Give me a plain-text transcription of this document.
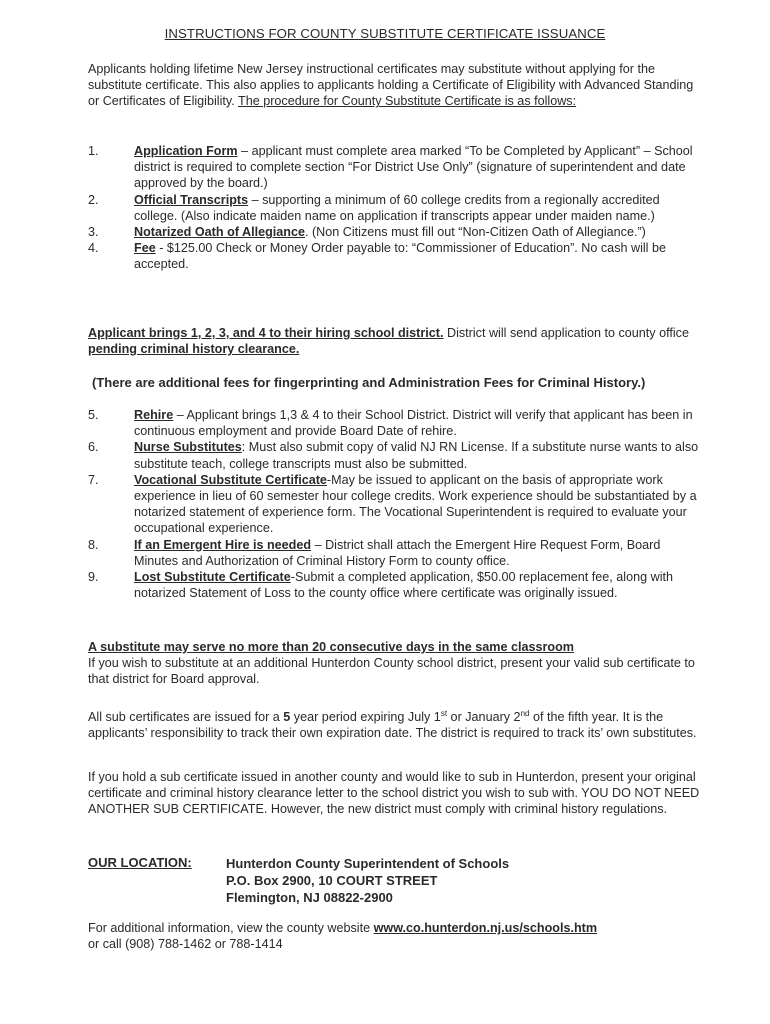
INSTRUCTIONS FOR COUNTY SUBSTITUTE CERTIFICATE ISSUANCE
Applicants holding lifetime New Jersey instructional certificates may substitute without applying for the substitute certificate. This also applies to applicants holding a Certificate of Eligibility with Advanced Standing or Certificates of Eligibility. The procedure for County Substitute Certificate is as follows:
1.	Application Form – applicant must complete area marked “To be Completed by Applicant” – School district is required to complete section “For District Use Only” (signature of superintendent and date approved by the board.)
2.	Official Transcripts – supporting a minimum of 60 college credits from a regionally accredited college. (Also indicate maiden name on application if transcripts appear under maiden name.)
3.	Notarized Oath of Allegiance. (Non Citizens must fill out “Non-Citizen Oath of Allegiance.”)
4.	Fee - $125.00 Check or Money Order payable to: “Commissioner of Education”. No cash will be accepted.
Applicant brings 1, 2, 3, and 4 to their hiring school district. District will send application to county office pending criminal history clearance.
(There are additional fees for fingerprinting and Administration Fees for Criminal History.)
5.	Rehire – Applicant brings 1,3 & 4 to their School District. District will verify that applicant has been in continuous employment and provide Board Date of rehire.
6.	Nurse Substitutes: Must also submit copy of valid NJ RN License. If a substitute nurse wants to also substitute teach, college transcripts must also be submitted.
7.	Vocational Substitute Certificate-May be issued to applicant on the basis of appropriate work experience in lieu of 60 semester hour college credits. Work experience should be substantiated by a notarized statement of experience form. The Vocational Superintendent is required to evaluate your occupational experience.
8.	If an Emergent Hire is needed – District shall attach the Emergent Hire Request Form, Board Minutes and Authorization of Criminal History Form to county office.
9.	Lost Substitute Certificate-Submit a completed application, $50.00 replacement fee, along with notarized Statement of Loss to the county office where certificate was originally issued.
A substitute may serve no more than 20 consecutive days in the same classroom
If you wish to substitute at an additional Hunterdon County school district, present your valid sub certificate to that district for Board approval.
All sub certificates are issued for a 5 year period expiring July 1st or January 2nd of the fifth year. It is the applicants’ responsibility to track their own expiration date. The district is required to track its’ own substitutes.
If you hold a sub certificate issued in another county and would like to sub in Hunterdon, present your original certificate and criminal history clearance letter to the school district you wish to sub with. YOU DO NOT NEED ANOTHER SUB CERTIFICATE. However, the new district must comply with criminal history regulations.
OUR LOCATION:	Hunterdon County Superintendent of Schools
P.O. Box 2900, 10 COURT STREET
Flemington, NJ 08822-2900
For additional information, view the county website www.co.hunterdon.nj.us/schools.htm
or call (908) 788-1462 or 788-1414
